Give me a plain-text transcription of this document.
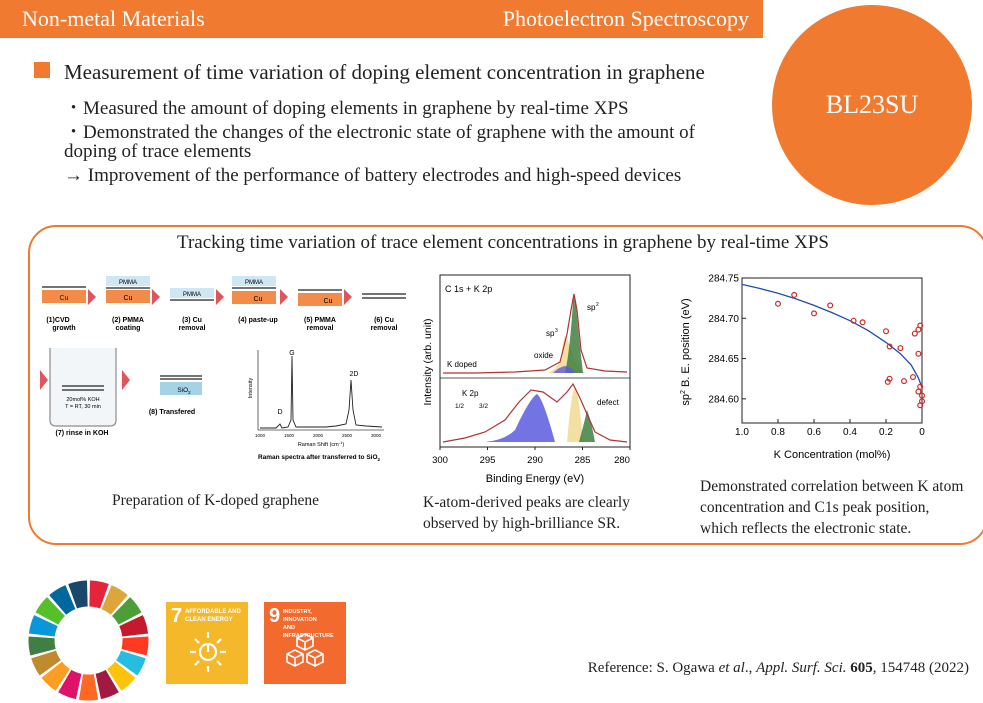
Non-metal Materials	Photoelectron Spectroscopy
BL23SU
Measurement of time variation of doping element concentration in graphene
・Measured the amount of doping elements in graphene by real-time XPS
・Demonstrated the changes of the electronic state of graphene with the amount of
doping of trace elements
→ Improvement of the performance of battery electrodes and high-speed devices
Tracking time variation of trace element concentrations in graphene by real-time XPS
Cu
(1)CVD
growth
PMMA
Cu
(2) PMMA
coating
PMMA
(3) Cu
removal
PMMA
Cu
(4) paste-up
Cu
(5) PMMA
removal
(6) Cu
removal
20mol% KOH
T = RT, 30 min
(7) rinse in KOH
SiO$_2$
(8) Transfered
Intensity
D
G
2D
1000	1500	2000	2500	3000
Raman Shift $(cm^{-1})$
Raman spectra after transferred to SiO$_2$
Preparation of K-doped graphene
C 1s + K 2p
sp 2
sp 3
oxide
K doped
K 2p
1/2 3/2	defect
300	295	290	285 280
Binding Energy (eV)
Intensity (arb. unit)
K-atom-derived peaks are clearly
observed by high-brilliance SR.
1.0 0.8 0.6 0.4 0.2	0
284.75
284.70
284.65
284.60
K Concentration (mol%)
$sp^2$ B. E. position (eV)
Demonstrated correlation between K atom
concentration and C1s peak position,
which reflects the electronic state.
7 AFFORDABLE AND
CLEAN ENERGY	9 INDUSTRY, INNOVATION
AND INFRASTRUCTURE
Reference: S. Ogawa et al., Appl. Surf. Sci. 605, 154748 (2022)
